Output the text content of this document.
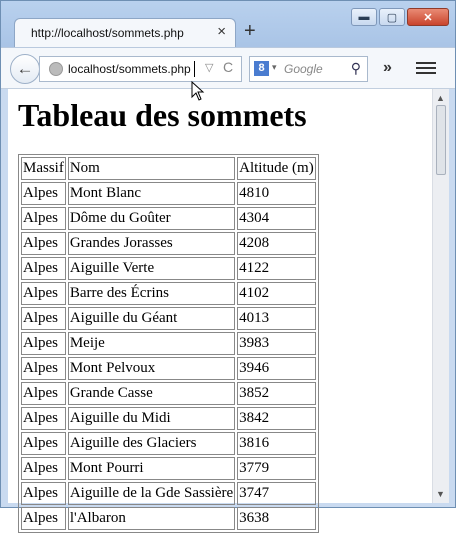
http://localhost/sommets.php × +
▬	▢	✕
←	localhost/sommets.php ▽ C	8 ▾ Google ⚲ »
Tableau des sommets
Massif	Nom	Altitude (m)
Alpes	Mont Blanc	4810
Alpes	Dôme du Goûter	4304
Alpes	Grandes Jorasses	4208
Alpes	Aiguille Verte	4122
Alpes	Barre des Écrins	4102
Alpes	Aiguille du Géant	4013
Alpes	Meije	3983
Alpes	Mont Pelvoux	3946
Alpes	Grande Casse	3852
Alpes	Aiguille du Midi	3842
Alpes	Aiguille des Glaciers	3816
Alpes	Mont Pourri	3779
Alpes	Aiguille de la Gde Sassière	3747
Alpes	l'Albaron	3638
▲
▼
